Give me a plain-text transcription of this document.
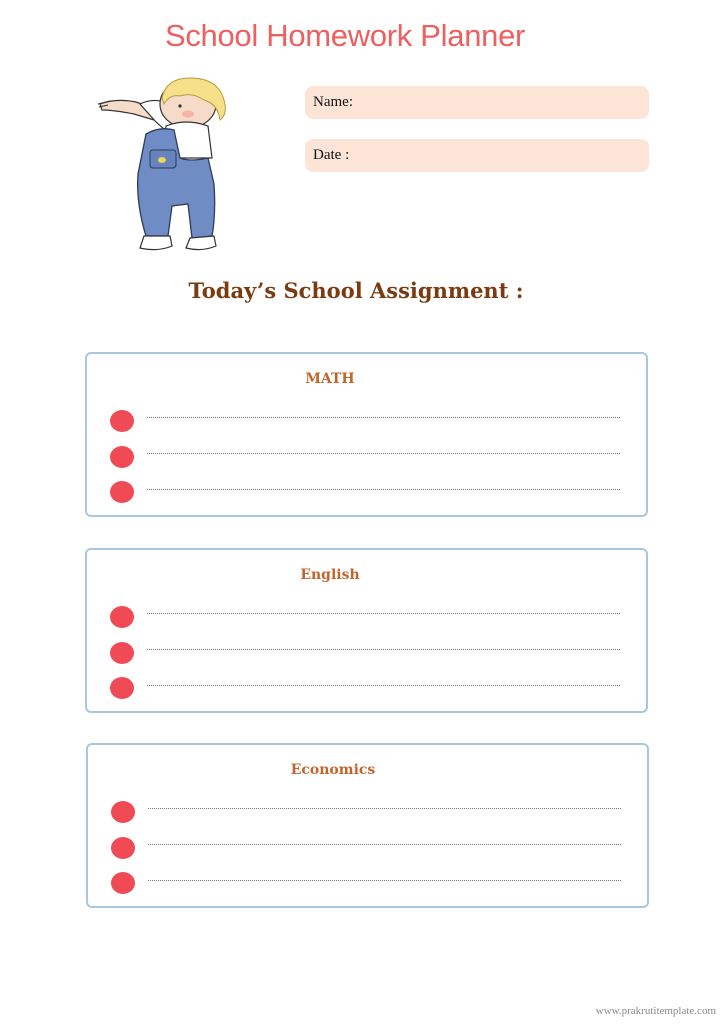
School Homework Planner
Name:
Date :
Today’s School Assignment :
MATH
English
Economics
www.prakrutitemplate.com
